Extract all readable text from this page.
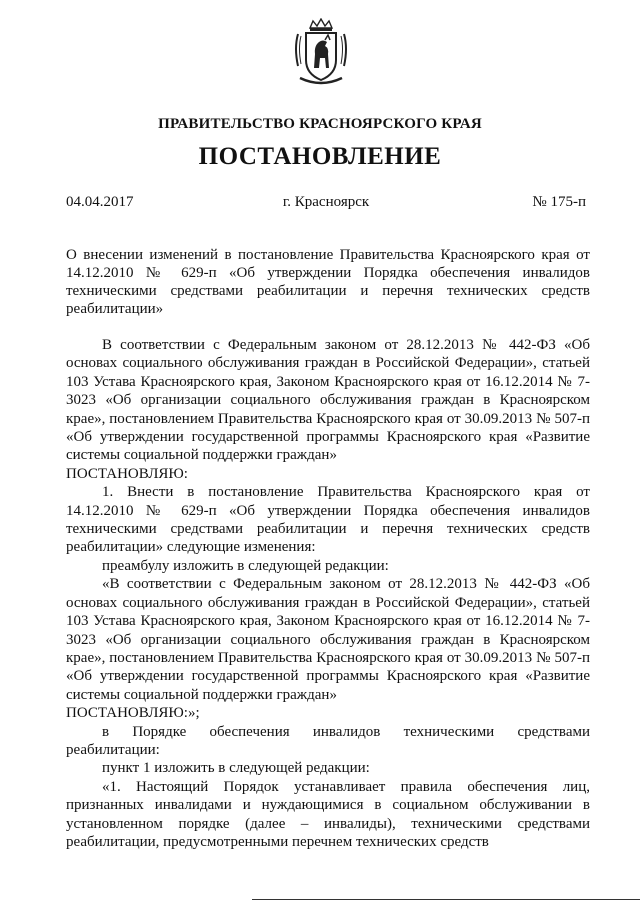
ПРАВИТЕЛЬСТВО КРАСНОЯРСКОГО КРАЯ
ПОСТАНОВЛЕНИЕ
04.04.2017	г. Красноярск	№ 175-п
О внесении изменений в постановление Правительства Красноярского края от 14.12.2010 № 629-п «Об утверждении Порядка обеспечения инвалидов техническими средствами реабилитации и перечня технических средств реабилитации»

В соответствии с Федеральным законом от 28.12.2013 № 442-ФЗ «Об основах социального обслуживания граждан в Российской Федерации», статьей 103 Устава Красноярского края, Законом Красноярского края от 16.12.2014 № 7-3023 «Об организации социального обслуживания граждан в Красноярском крае», постановлением Правительства Красноярского края от 30.09.2013 № 507-п «Об утверждении государственной программы Красноярского края «Развитие системы социальной поддержки граждан»

ПОСТАНОВЛЯЮ:

1. Внести в постановление Правительства Красноярского края от 14.12.2010 № 629-п «Об утверждении Порядка обеспечения инвалидов техническими средствами реабилитации и перечня технических средств реабилитации» следующие изменения:

преамбулу изложить в следующей редакции:

«В соответствии с Федеральным законом от 28.12.2013 № 442-ФЗ «Об основах социального обслуживания граждан в Российской Федерации», статьей 103 Устава Красноярского края, Законом Красноярского края от 16.12.2014 № 7-3023 «Об организации социального обслуживания граждан в Красноярском крае», постановлением Правительства Красноярского края от 30.09.2013 № 507-п «Об утверждении государственной программы Красноярского края «Развитие системы социальной поддержки граждан»

ПОСТАНОВЛЯЮ:»;

в Порядке обеспечения инвалидов техническими средствами реабилитации:

пункт 1 изложить в следующей редакции:

«1. Настоящий Порядок устанавливает правила обеспечения лиц, признанных инвалидами и нуждающимися в социальном обслуживании в установленном порядке (далее – инвалиды), техническими средствами реабилитации, предусмотренными перечнем технических средств
